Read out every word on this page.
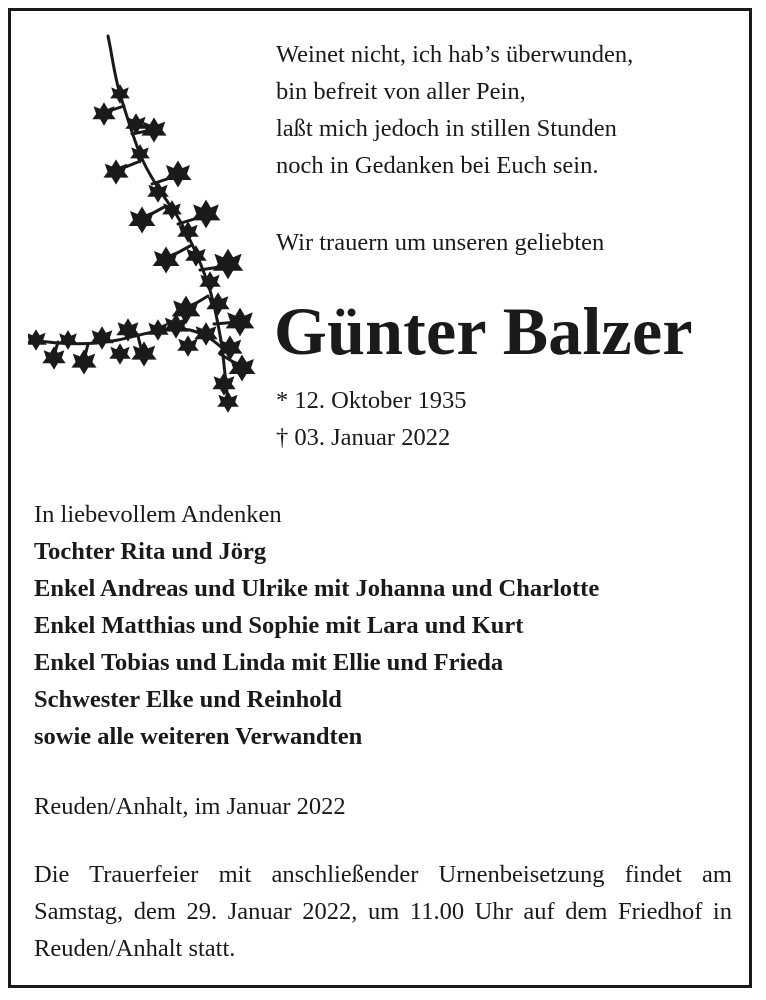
Weinet nicht, ich hab’s überwunden,
bin befreit von aller Pein,
laßt mich jedoch in stillen Stunden
noch in Gedanken bei Euch sein.
Wir trauern um unseren geliebten
Günter Balzer
* 12. Oktober 1935
† 03. Januar 2022
In liebevollem Andenken
Tochter Rita und Jörg
Enkel Andreas und Ulrike mit Johanna und Charlotte
Enkel Matthias und Sophie mit Lara und Kurt
Enkel Tobias und Linda mit Ellie und Frieda
Schwester Elke und Reinhold
sowie alle weiteren Verwandten
Reuden/Anhalt, im Januar 2022
Die Trauerfeier mit anschließender Urnenbeisetzung findet am Samstag, dem 29. Januar 2022, um 11.00 Uhr auf dem Friedhof in Reuden/Anhalt statt.
